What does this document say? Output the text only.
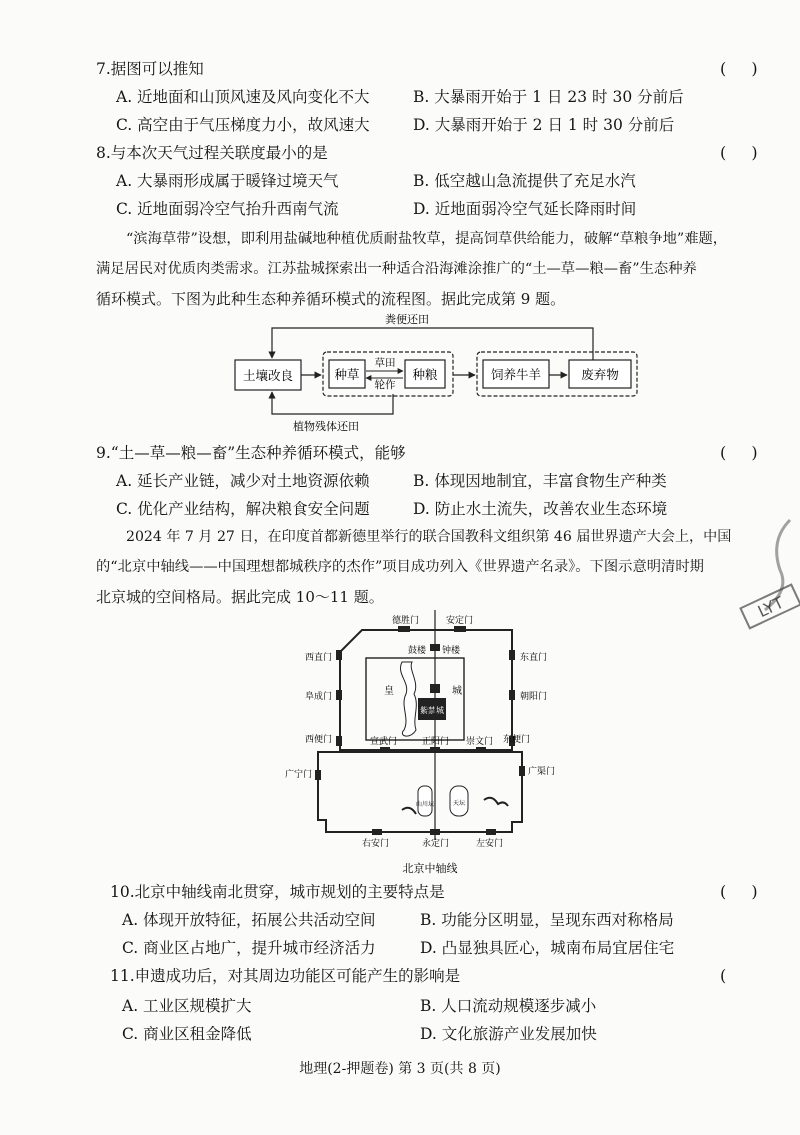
7.据图可以推知	( )
A. 近地面和山顶风速及风向变化不大	B. 大暴雨开始于 1 日 23 时 30 分前后
C. 高空由于气压梯度力小，故风速大	D. 大暴雨开始于 2 日 1 时 30 分前后
8.与本次天气过程关联度最小的是	( )
A. 大暴雨形成属于暖锋过境天气	B. 低空越山急流提供了充足水汽
C. 近地面弱冷空气抬升西南气流	D. 近地面弱冷空气延长降雨时间
“滨海草带”设想，即利用盐碱地种植优质耐盐牧草，提高饲草供给能力，破解“草粮争地”难题，
满足居民对优质肉类需求。江苏盐城探索出一种适合沿海滩涂推广的“土—草—粮—畜”生态种养
循环模式。下图为此种生态种养循环模式的流程图。据此完成第 9 题。
粪便还田
植物残体还田
土壤改良	种草
草田
轮作
种粮	饲养牛羊	废弃物
9.“土—草—粮—畜”生态种养循环模式，能够	( )
A. 延长产业链，减少对土地资源依赖	B. 体现因地制宜，丰富食物生产种类
C. 优化产业结构，解决粮食安全问题	D. 防止水土流失，改善农业生态环境
2024 年 7 月 27 日，在印度首都新德里举行的联合国教科文组织第 46 届世界遗产大会上，中国
的“北京中轴线——中国理想都城秩序的杰作”项目成功列入《世界遗产名录》。下图示意明清时期
北京城的空间格局。据此完成 10～11 题。
紫禁城
鼓楼 钟楼
皇	城
德胜门	安定门
西直门
阜成门
西便门
东直门
朝阳门
东便门
宣武门	正阳门 崇文门
广宁门	广渠门
右安门	永定门	左安门
山川坛	天坛
北京中轴线
10.北京中轴线南北贯穿，城市规划的主要特点是	( )
A. 体现开放特征，拓展公共活动空间	B. 功能分区明显，呈现东西对称格局
C. 商业区占地广，提升城市经济活力	D. 凸显独具匠心，城南布局宜居住宅
11.申遗成功后，对其周边功能区可能产生的影响是	(
A. 工业区规模扩大	B. 人口流动规模逐步减小
C. 商业区租金降低	D. 文化旅游产业发展加快
地理(2-押题卷) 第 3 页(共 8 页)
LYT
